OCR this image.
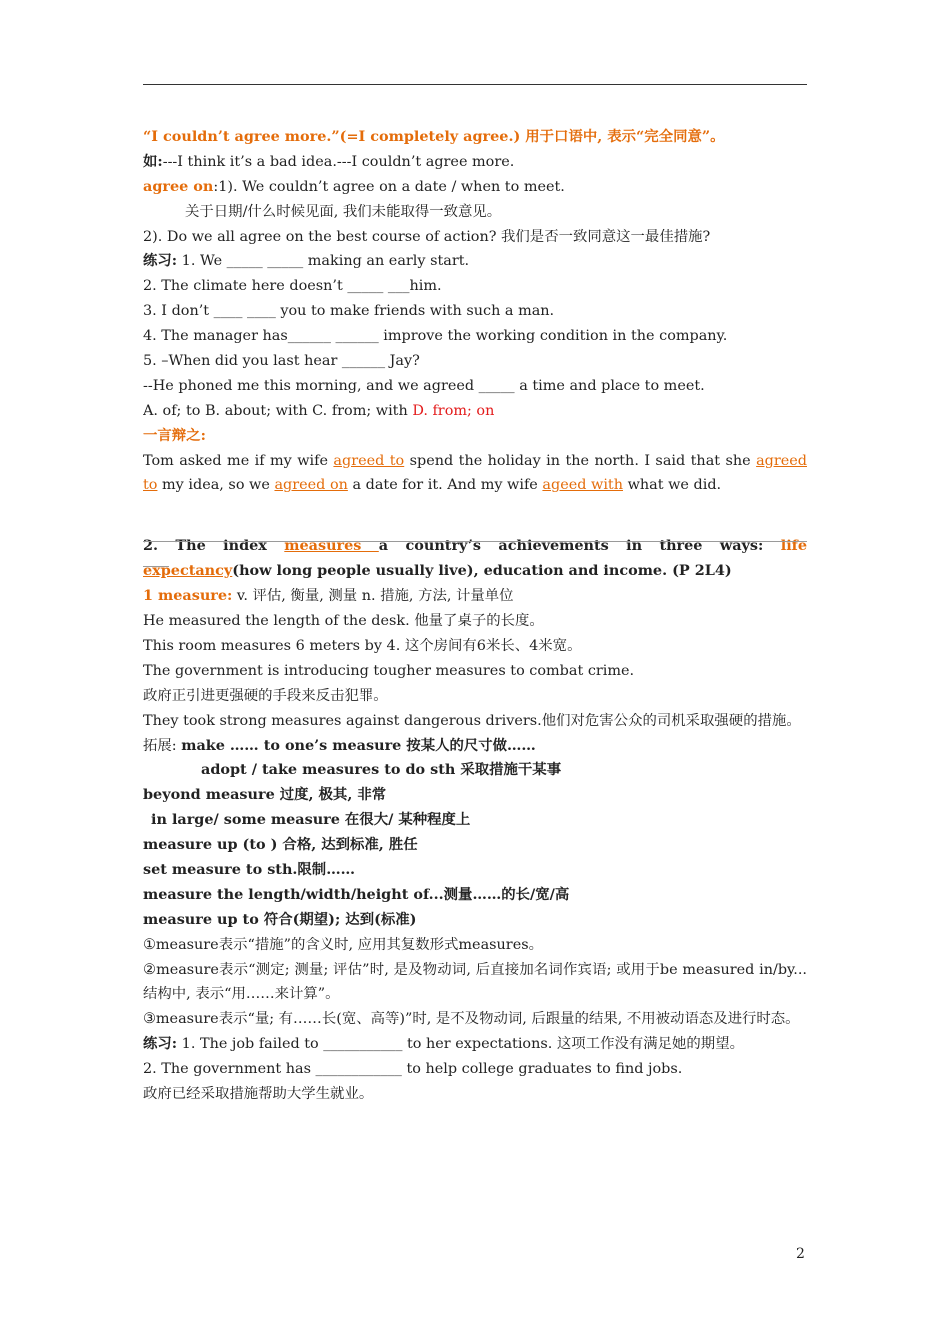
“I couldn’t agree more.”(=I completely agree.) 用于口语中, 表示“完全同意”。
如:---I think it’s a bad idea.---I couldn’t agree more.
agree on:1). We couldn’t agree on a date / when to meet.
关于日期/什么时候见面, 我们未能取得一致意见。
2). Do we all agree on the best course of action? 我们是否一致同意这一最佳措施?
练习: 1. We _____ _____ making an early start.
2. The climate here doesn’t _____ ___him.
3. I don’t ____ ____ you to make friends with such a man.
4. The manager has______ ______ improve the working condition in the company.
5. –When did you last hear ______ Jay?
--He phoned me this morning, and we agreed _____ a time and place to meet.
A. of; to B. about; with C. from; with D. from; on
一言辩之:
Tom asked me if my wife agreed to spend the holiday in the north. I said that she agreed to my idea, so we agreed on a date for it. And my wife ageed with what we did.
2. The index measures a country’s achievements in three ways: life expectancy(how long people usually live), education and income. (P 2L4)
1 measure: v. 评估, 衡量, 测量 n. 措施, 方法, 计量单位
He measured the length of the desk. 他量了桌子的长度。
This room measures 6 meters by 4. 这个房间有6米长、4米宽。
The government is introducing tougher measures to combat crime.
政府正引进更强硬的手段来反击犯罪。
They took strong measures against dangerous drivers.他们对危害公众的司机采取强硬的措施。
拓展: make …… to one’s measure 按某人的尺寸做……
adopt / take measures to do sth 采取措施干某事
beyond measure 过度, 极其, 非常
in large/ some measure 在很大/ 某种程度上
measure up (to ) 合格, 达到标准, 胜任
set measure to sth.限制……
measure the length/width/height of...测量……的长/宽/高
measure up to 符合(期望); 达到(标准)
①measure表示“措施”的含义时, 应用其复数形式measures。
②measure表示“测定; 测量; 评估”时, 是及物动词, 后直接加名词作宾语; 或用于be measured in/by...结构中, 表示“用……来计算”。
③measure表示“量; 有……长(宽、高等)”时, 是不及物动词, 后跟量的结果, 不用被动语态及进行时态。
练习: 1. The job failed to ___________ to her expectations. 这项工作没有满足她的期望。
2. The government has ____________ to help college graduates to find jobs.
政府已经采取措施帮助大学生就业。
2
